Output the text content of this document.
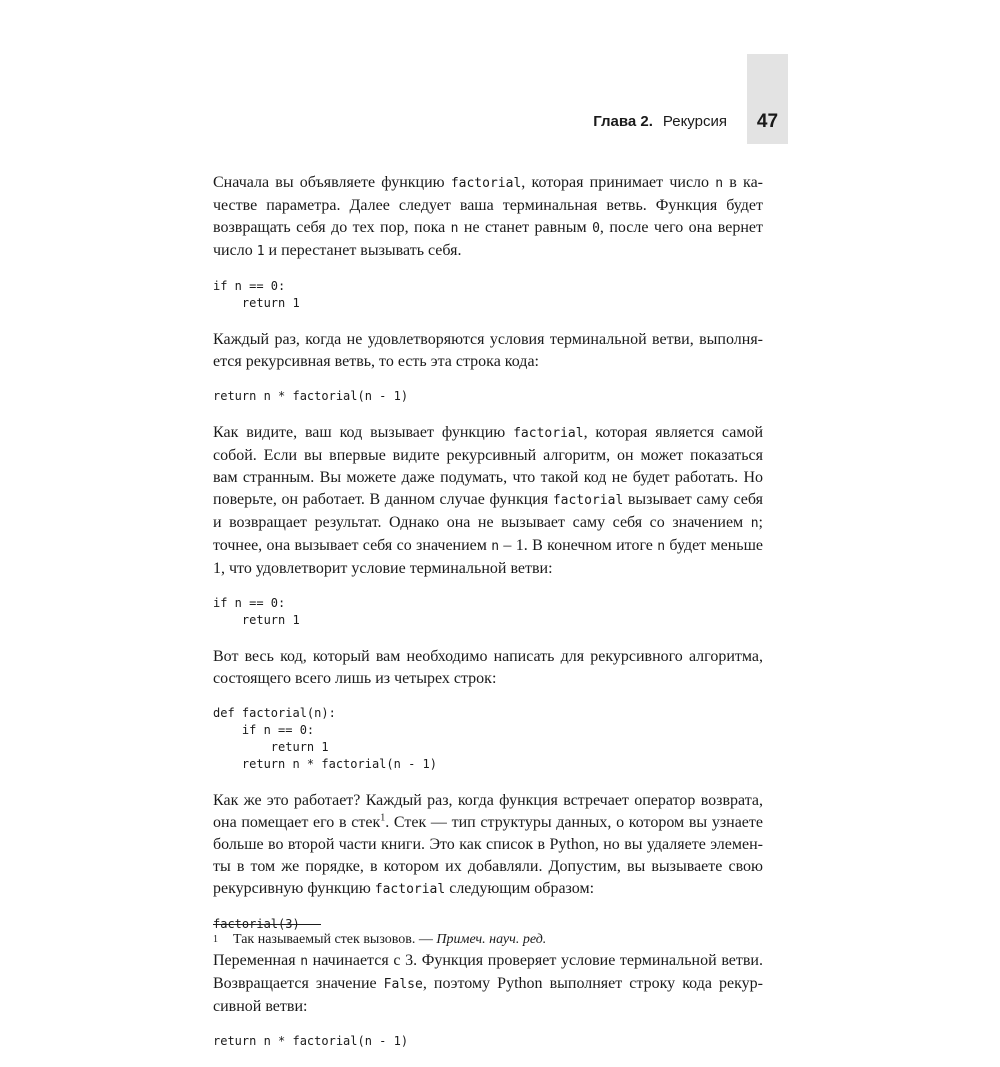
Глава 2. Рекурсия	47

Сначала вы объявляете функцию factorial, которая принимает число n в качестве параметра. Далее следует ваша терминальная ветвь. Функция будет возвращать себя до тех пор, пока n не станет равным 0, после чего она вернет число 1 и перестанет вызывать себя.

if n == 0:
return 1

Каждый раз, когда не удовлетворяются условия терминальной ветви, выполняется рекурсивная ветвь, то есть эта строка кода:

return n * factorial(n - 1)

Как видите, ваш код вызывает функцию factorial, которая является самой собой. Если вы впервые видите рекурсивный алгоритм, он может показаться вам странным. Вы можете даже подумать, что такой код не будет работать. Но поверьте, он работает. В данном случае функция factorial вызывает саму себя и возвращает результат. Однако она не вызывает саму себя со значением n; точнее, она вызывает себя со значением n – 1. В конечном итоге n будет меньше 1, что удовлетворит условие терминальной ветви:

if n == 0:
return 1

Вот весь код, который вам необходимо написать для рекурсивного алгоритма, состоящего всего лишь из четырех строк:

def factorial(n):
if n == 0:
return 1
return n * factorial(n - 1)

Как же это работает? Каждый раз, когда функция встречает оператор возврата, она помещает его в стек$^1$. Стек — тип структуры данных, о котором вы узнаете больше во второй части книги. Это как список в Python, но вы удаляете элементы в том же порядке, в котором их добавляли. Допустим, вы вызываете свою рекурсивную функцию factorial следующим образом:

factorial(3)

Переменная n начинается с 3. Функция проверяет условие терминальной ветви. Возвращается значение False, поэтому Python выполняет строку кода рекурсивной ветви:

return n * factorial(n - 1)
1 Так называемый стек вызовов. — Примеч. науч. ред.
